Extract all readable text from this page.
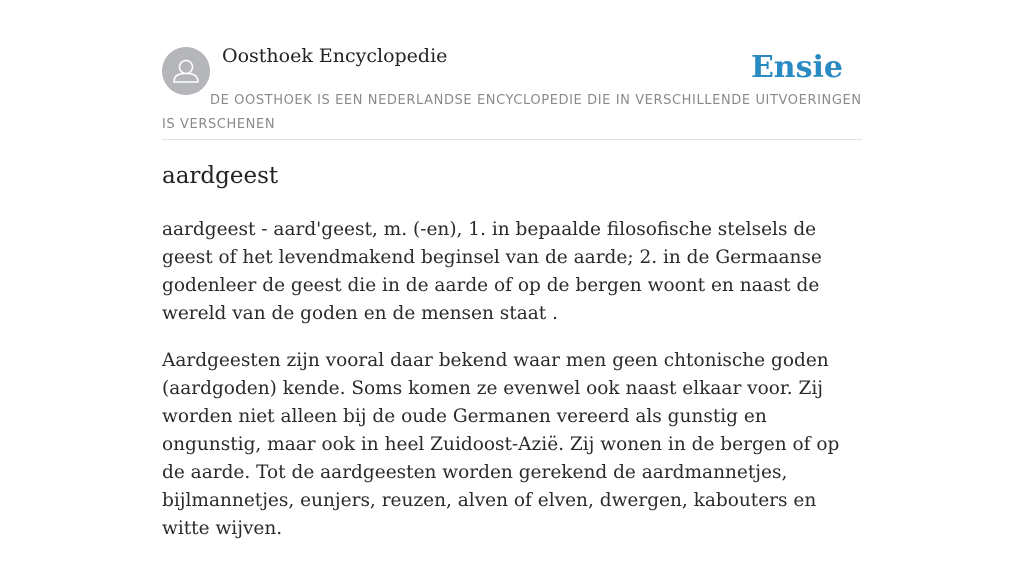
Oosthoek Encyclopedie	Ensie
DE OOSTHOEK IS EEN NEDERLANDSE ENCYCLOPEDIE DIE IN VERSCHILLENDE UITVOERINGEN IS VERSCHENEN
aardgeest

aardgeest - aard'geest, m. (-en), 1. in bepaalde filosofische stelsels de geest of het levendmakend beginsel van de aarde; 2. in de Germaanse godenleer de geest die in de aarde of op de bergen woont en naast de wereld van de goden en de mensen staat .

Aardgeesten zijn vooral daar bekend waar men geen chtonische goden (aardgoden) kende. Soms komen ze evenwel ook naast elkaar voor. Zij worden niet alleen bij de oude Germanen vereerd als gunstig en ongunstig, maar ook in heel Zuidoost-Azië. Zij wonen in de bergen of op de aarde. Tot de aardgeesten worden gerekend de aardmannetjes, bijlmannetjes, eunjers, reuzen, alven of elven, dwergen, kabouters en witte wijven.
